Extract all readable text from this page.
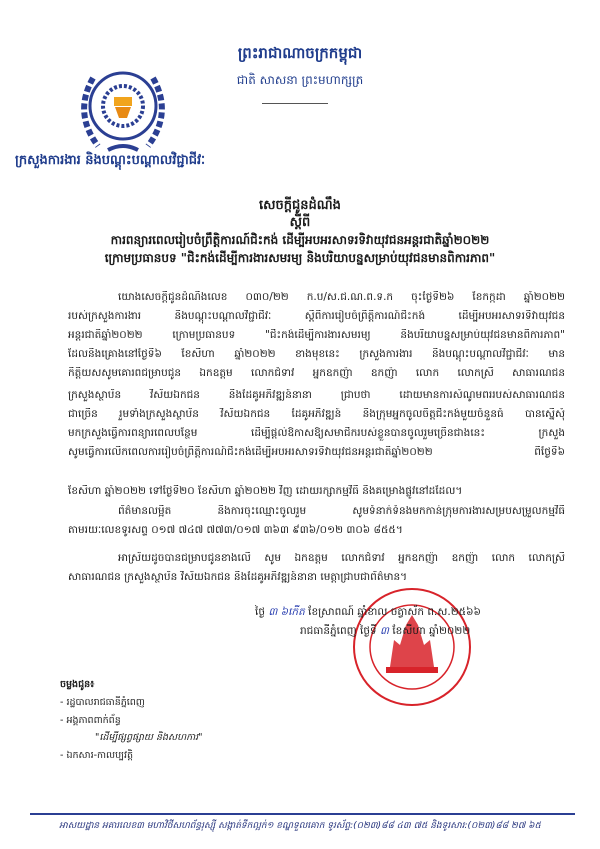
ព្រះរាជាណាចក្រកម្ពុជា
ជាតិ សាសនា ព្រះមហាក្សត្រ
ក្រសួងការងារ និងបណ្តុះបណ្តាលវិជ្ជាជីវៈ
សេចក្តីជូនដំណឹង
ស្តីពី
ការពន្យារពេលរៀបចំព្រឹត្តិការណ៍ជិះកង់ ដើម្បីអបអរសាទរទិវាយុវជនអន្តរជាតិឆ្នាំ២០២២
ក្រោមប្រធានបទ "ជិះកង់ដើម្បីការងារសមរម្យ និងបរិយាបន្នសម្រាប់យុវជនមានពិការភាព"
យោងសេចក្តីជូនដំណឹងលេខ ០៣០/២២ ក.ប/ស.ជ.ណ.ព.ទ.ក ចុះថ្ងៃទី២៦ ខែកក្កដា ឆ្នាំ២០២២
របស់ក្រសួងការងារ និងបណ្តុះបណ្តាលវិជ្ជាជីវៈ ស្តីពីការរៀបចំព្រឹត្តិការណ៍ជិះកង់ ដើម្បីអបអរសាទរទិវាយុវជន
អន្តរជាតិឆ្នាំ២០២២ ក្រោមប្រធានបទ "ជិះកង់ដើម្បីការងារសមរម្យ និងបរិយាបន្នសម្រាប់យុវជនមានពិការភាព"
ដែលនឹងគ្រោងនៅថ្ងៃទី៦ ខែសីហា ឆ្នាំ២០២២ ខាងមុខនេះ ក្រសួងការងារ និងបណ្តុះបណ្តាលវិជ្ជាជីវៈ មាន
កិត្តិយសសូមគោរពជម្រាបជូន ឯកឧត្តម លោកជំទាវ អ្នកឧកញ៉ា ឧកញ៉ា លោក លោកស្រី សាធារណជន
ក្រសួងស្ថាប័ន វិស័យឯកជន និងដៃគូអភិវឌ្ឍន៍នានា ជ្រាបថា ដោយមានការសំណូមពររបស់សាធារណជន
ជាច្រើន រួមទាំងក្រសួងស្ថាប័ន វិស័យឯកជន ដៃគូអភិវឌ្ឍន៍ និងក្រុមអ្នកចូលចិត្តជិះកង់មួយចំនួនធំ បានស្នើសុំ
មកក្រសួងធ្វើការពន្យារពេលបន្ថែម ដើម្បីផ្តល់ឱកាសឱ្យសមាជិករបស់ខ្លួនបានចូលរួមច្រើនជាងនេះ ក្រសួង
សូមធ្វើការលើកពេលការរៀបចំព្រឹត្តិការណ៍ជិះកង់ដើម្បីអបអរសាទរទិវាយុវជនអន្តរជាតិឆ្នាំ២០២២ ពីថ្ងៃទី៦
ខែសីហា ឆ្នាំ២០២២ ទៅថ្ងៃទី២០ ខែសីហា ឆ្នាំ២០២២ វិញ ដោយរក្សាកម្មវិធី និងគម្រោងផ្លូវនៅដដែល។
ព័ត៌មានលម្អិត និងការចុះឈ្មោះចូលរួម សូមទំនាក់ទំនងមកកាន់ក្រុមការងារសម្របសម្រួលកម្មវិធី
តាមរយៈលេខទូរសព្ទ ០១៧ ៧៤៧ ៧៧៣/០១៧ ៣៦៣ ៩៣៦/០១២ ៣០៦ ៨៥៥។
អាស្រ័យដូចបានជម្រាបជូនខាងលើ សូម ឯកឧត្តម លោកជំទាវ អ្នកឧកញ៉ា ឧកញ៉ា លោក លោកស្រី
សាធារណជន ក្រសួងស្ថាប័ន វិស័យឯកជន និងដៃគូអភិវឌ្ឍន៍នានា មេត្តាជ្រាបជាព័ត៌មាន។
ថ្ងៃ ៣ ៦កើត ខែស្រាពណ៍ ឆ្នាំខាល ចត្វាស័ក ព.ស.២៥៦៦
រាជធានីភ្នំពេញ ថ្ងៃទី ៣ ខែសីហា ឆ្នាំ២០២២
ចម្លងជូន៖
- រដ្ឋបាលរាជធានីភ្នំពេញ
- អង្គភាពពាក់ព័ន្ធ
"ដើម្បីផ្សព្វផ្សាយ និងសហការ"
- ឯកសារ-កាលប្បវត្តិ
អាសយដ្ឋាន អគារលេខ៣ មហាវិថីសហព័ន្ធរុស្ស៊ី សង្កាត់ទឹកល្អក់១ ខណ្ឌទួលគោក ទូរស័ព្ទ:(០២៣)៨៨ ៤៣ ៧៥ និងទូរសារ:(០២៣)៨៨ ២៧ ៦៥
